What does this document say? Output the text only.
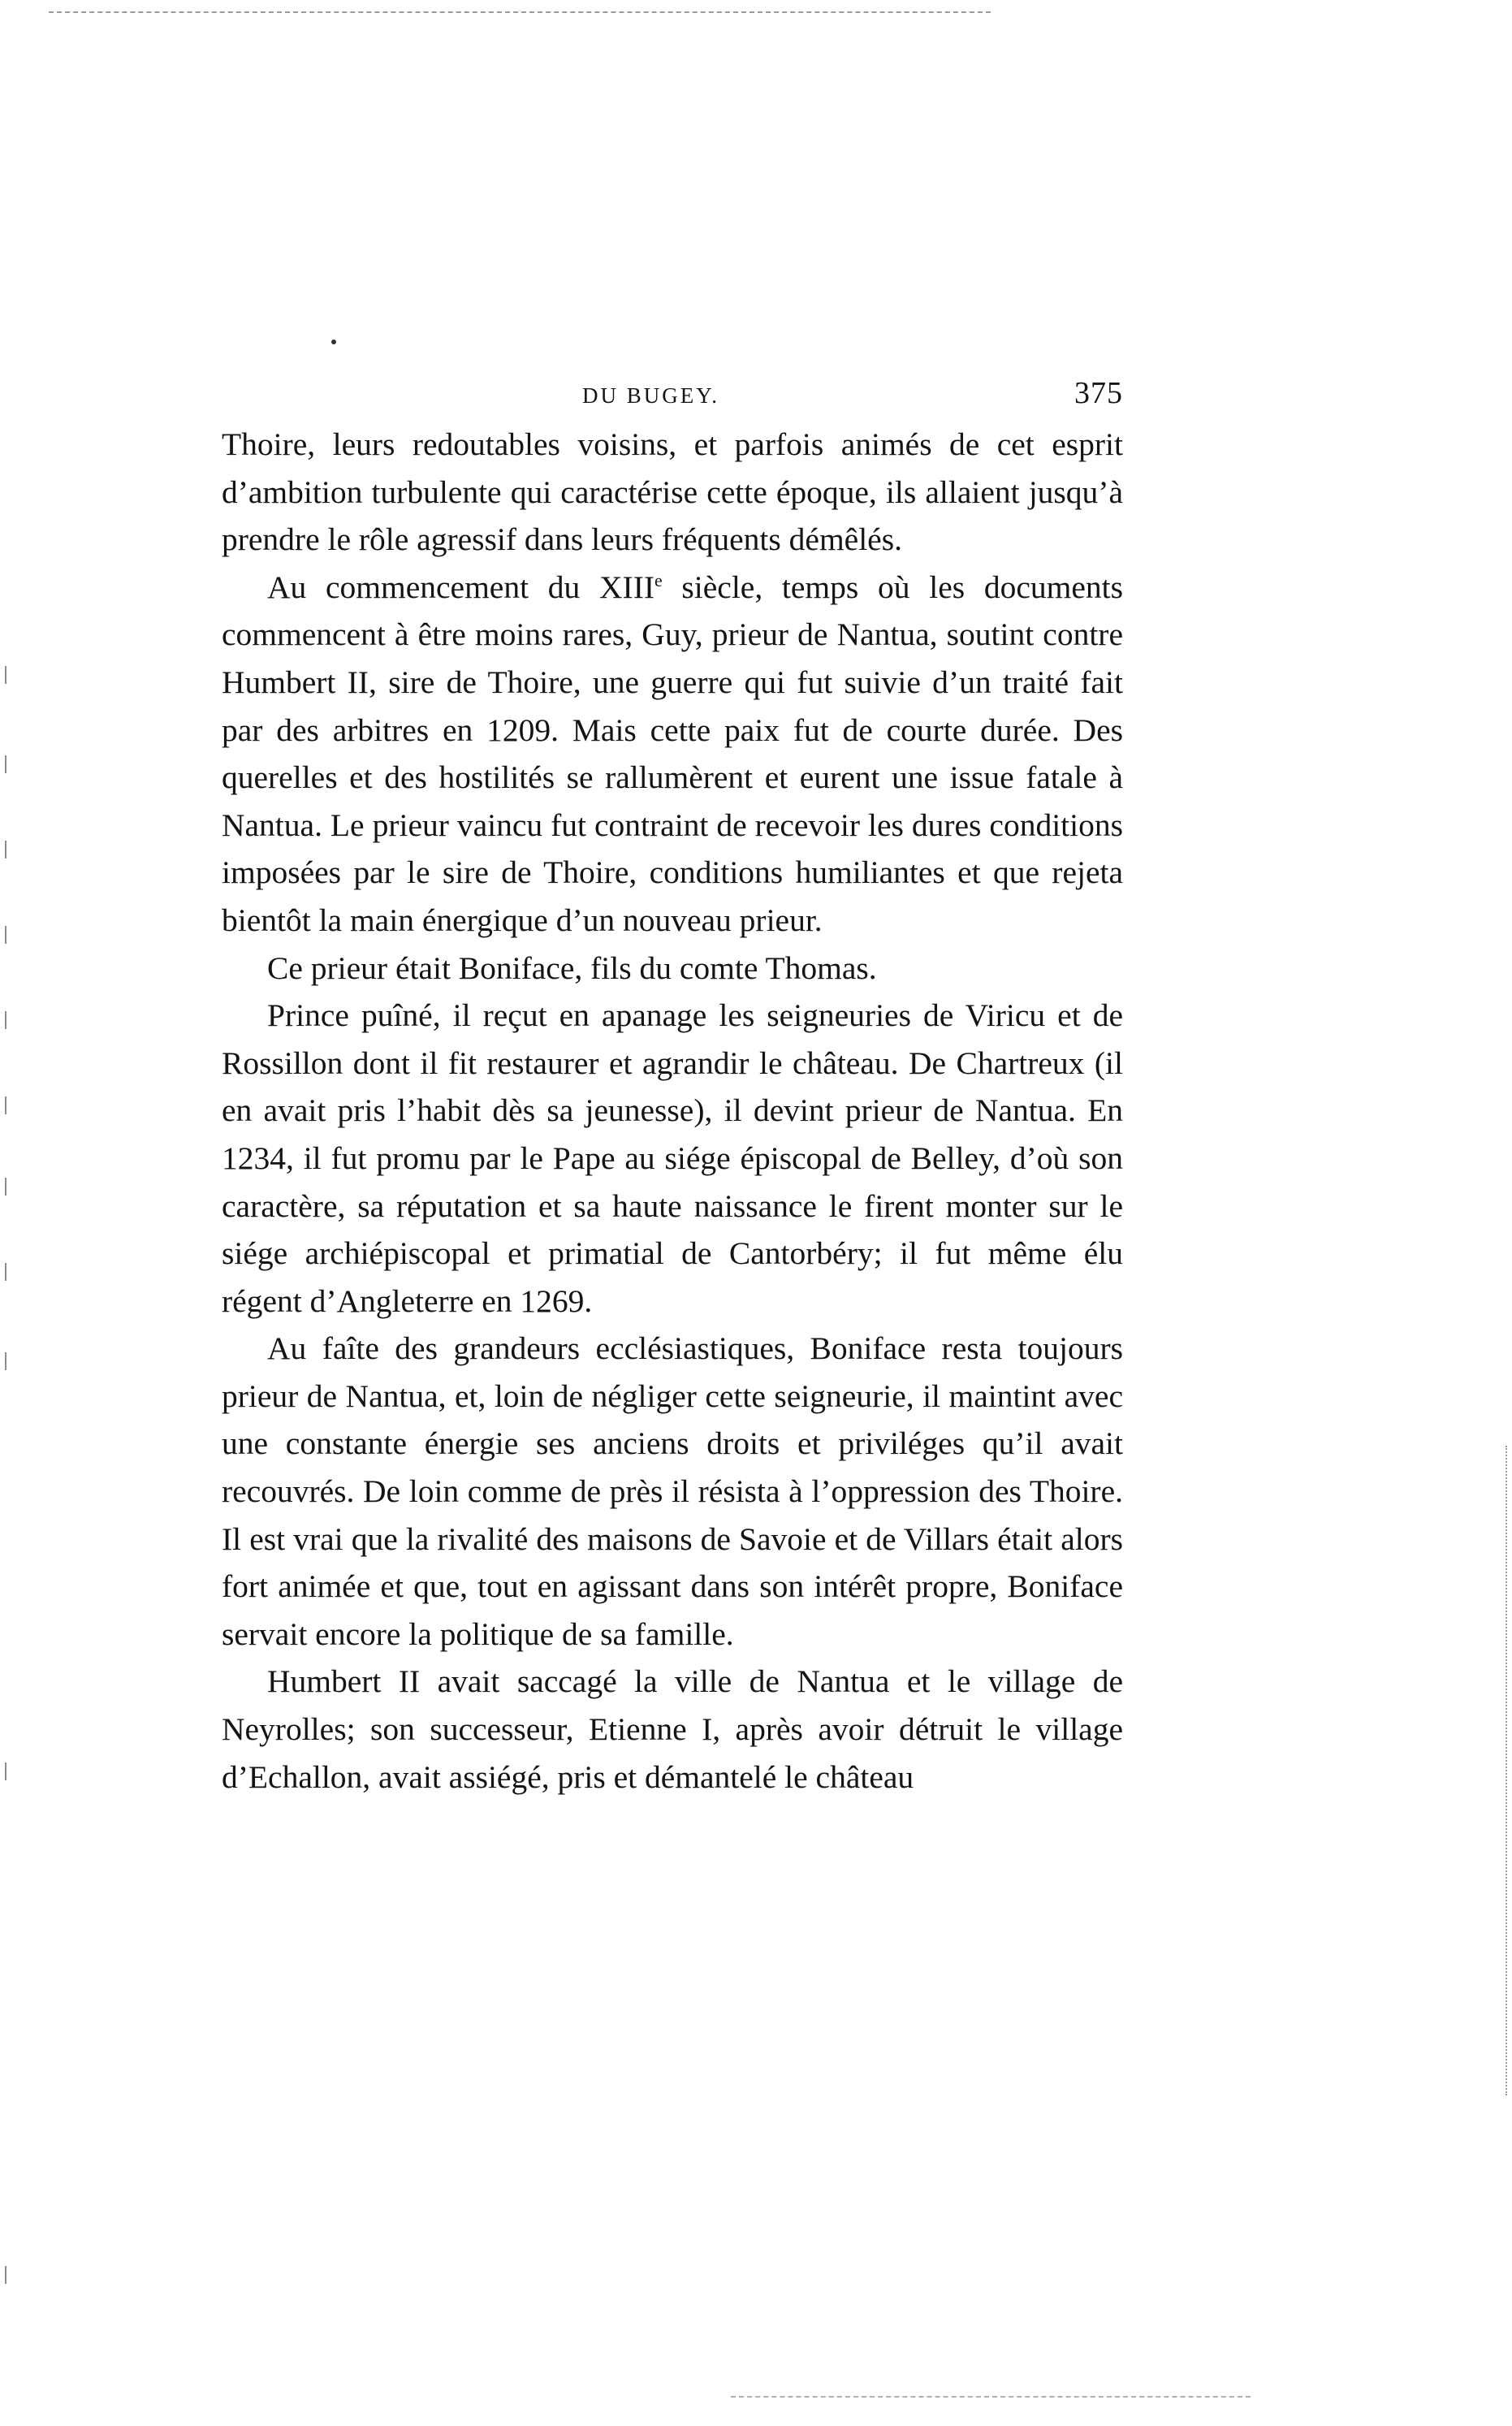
DU BUGEY.	375

Thoire, leurs redoutables voisins, et parfois animés de cet esprit d’ambition turbulente qui caractérise cette époque, ils allaient jusqu’à prendre le rôle agressif dans leurs fréquents démêlés.

Au commencement du XIIIe siècle, temps où les documents commencent à être moins rares, Guy, prieur de Nantua, soutint contre Humbert II, sire de Thoire, une guerre qui fut suivie d’un traité fait par des arbitres en 1209. Mais cette paix fut de courte durée. Des querelles et des hostilités se rallumèrent et eurent une issue fatale à Nantua. Le prieur vaincu fut contraint de recevoir les dures conditions imposées par le sire de Thoire, conditions humiliantes et que rejeta bientôt la main énergique d’un nouveau prieur.

Ce prieur était Boniface, fils du comte Thomas.

Prince puîné, il reçut en apanage les seigneuries de Viricu et de Rossillon dont il fit restaurer et agrandir le château. De Chartreux (il en avait pris l’habit dès sa jeunesse), il devint prieur de Nantua. En 1234, il fut promu par le Pape au siége épiscopal de Belley, d’où son caractère, sa réputation et sa haute naissance le firent monter sur le siége archiépiscopal et primatial de Cantorbéry; il fut même élu régent d’Angleterre en 1269.

Au faîte des grandeurs ecclésiastiques, Boniface resta toujours prieur de Nantua, et, loin de négliger cette seigneurie, il maintint avec une constante énergie ses anciens droits et priviléges qu’il avait recouvrés. De loin comme de près il résista à l’oppression des Thoire. Il est vrai que la rivalité des maisons de Savoie et de Villars était alors fort animée et que, tout en agissant dans son intérêt propre, Boniface servait encore la politique de sa famille.

Humbert II avait saccagé la ville de Nantua et le village de Neyrolles; son successeur, Etienne I, après avoir détruit le village d’Echallon, avait assiégé, pris et démantelé le château
